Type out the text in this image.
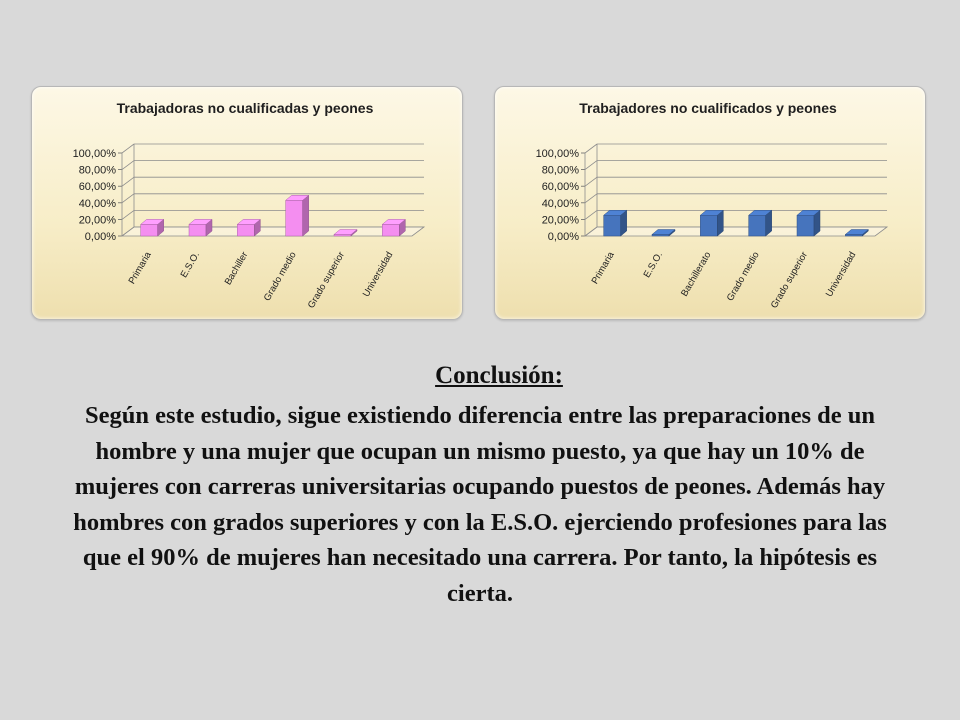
Trabajadoras no cualificadas y peones
0,00%
20,00%
40,00%
60,00%
80,00%
100,00%
Primaria	E.S.O. Bachiller Grado medio Grado superior Universidad
Trabajadores no cualificados y peones
0,00%
20,00%
40,00%
60,00%
80,00%
100,00%
Primaria	E.S.O. Bachillerato Grado medio Grado superior Universidad
Conclusión:
Según este estudio, sigue existiendo diferencia entre las preparaciones de un hombre y una mujer que ocupan un mismo puesto, ya que hay un 10% de mujeres con carreras universitarias ocupando puestos de peones. Además hay hombres con grados superiores y con la E.S.O. ejerciendo profesiones para las que el 90% de mujeres han necesitado una carrera. Por tanto, la hipótesis es cierta.
